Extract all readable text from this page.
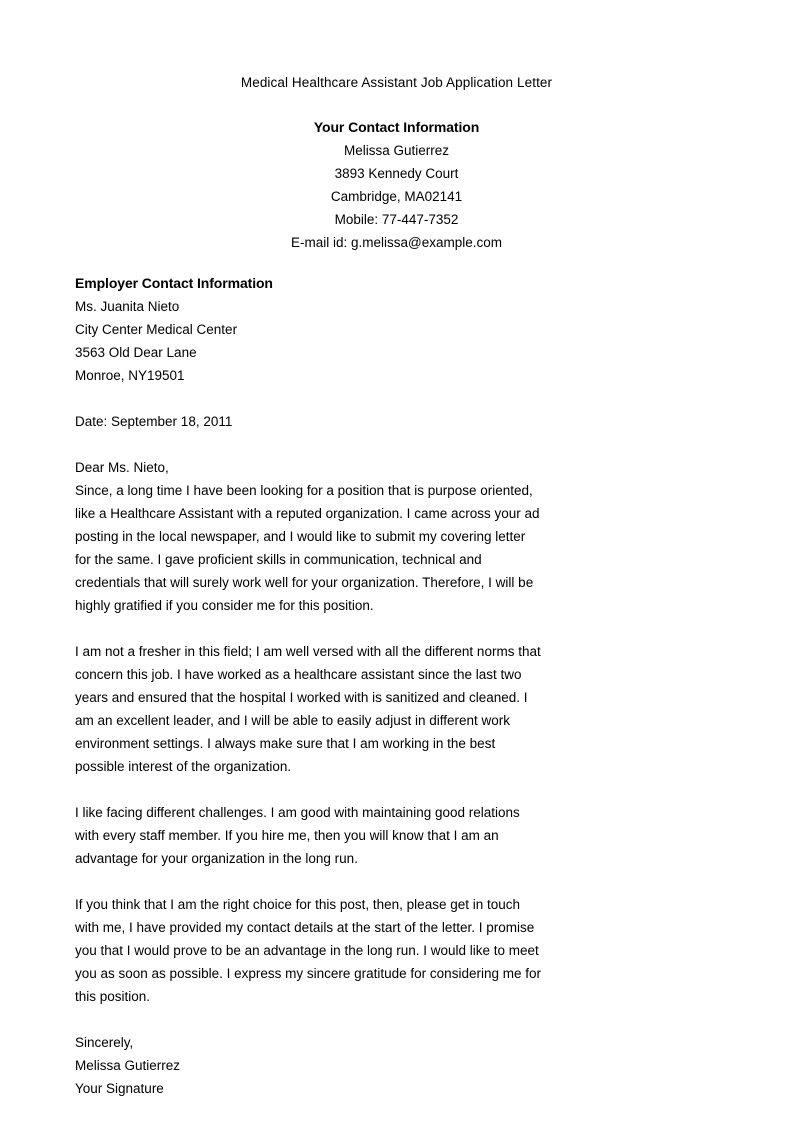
Medical Healthcare Assistant Job Application Letter
Your Contact Information
Melissa Gutierrez
3893 Kennedy Court
Cambridge, MA02141
Mobile: 77-447-7352
E-mail id: g.melissa@example.com

Employer Contact Information

Ms. Juanita Nieto

City Center Medical Center

3563 Old Dear Lane

Monroe, NY19501

Date: September 18, 2011

Dear Ms. Nieto,

Since, a long time I have been looking for a position that is purpose oriented, like a Healthcare Assistant with a reputed organization. I came across your ad posting in the local newspaper, and I would like to submit my covering letter for the same. I gave proficient skills in communication, technical and credentials that will surely work well for your organization. Therefore, I will be highly gratified if you consider me for this position.

I am not a fresher in this field; I am well versed with all the different norms that concern this job. I have worked as a healthcare assistant since the last two years and ensured that the hospital I worked with is sanitized and cleaned. I am an excellent leader, and I will be able to easily adjust in different work environment settings. I always make sure that I am working in the best possible interest of the organization.

I like facing different challenges. I am good with maintaining good relations with every staff member. If you hire me, then you will know that I am an advantage for your organization in the long run.

If you think that I am the right choice for this post, then, please get in touch with me, I have provided my contact details at the start of the letter. I promise you that I would prove to be an advantage in the long run. I would like to meet you as soon as possible. I express my sincere gratitude for considering me for this position.

Sincerely,

Melissa Gutierrez

Your Signature
